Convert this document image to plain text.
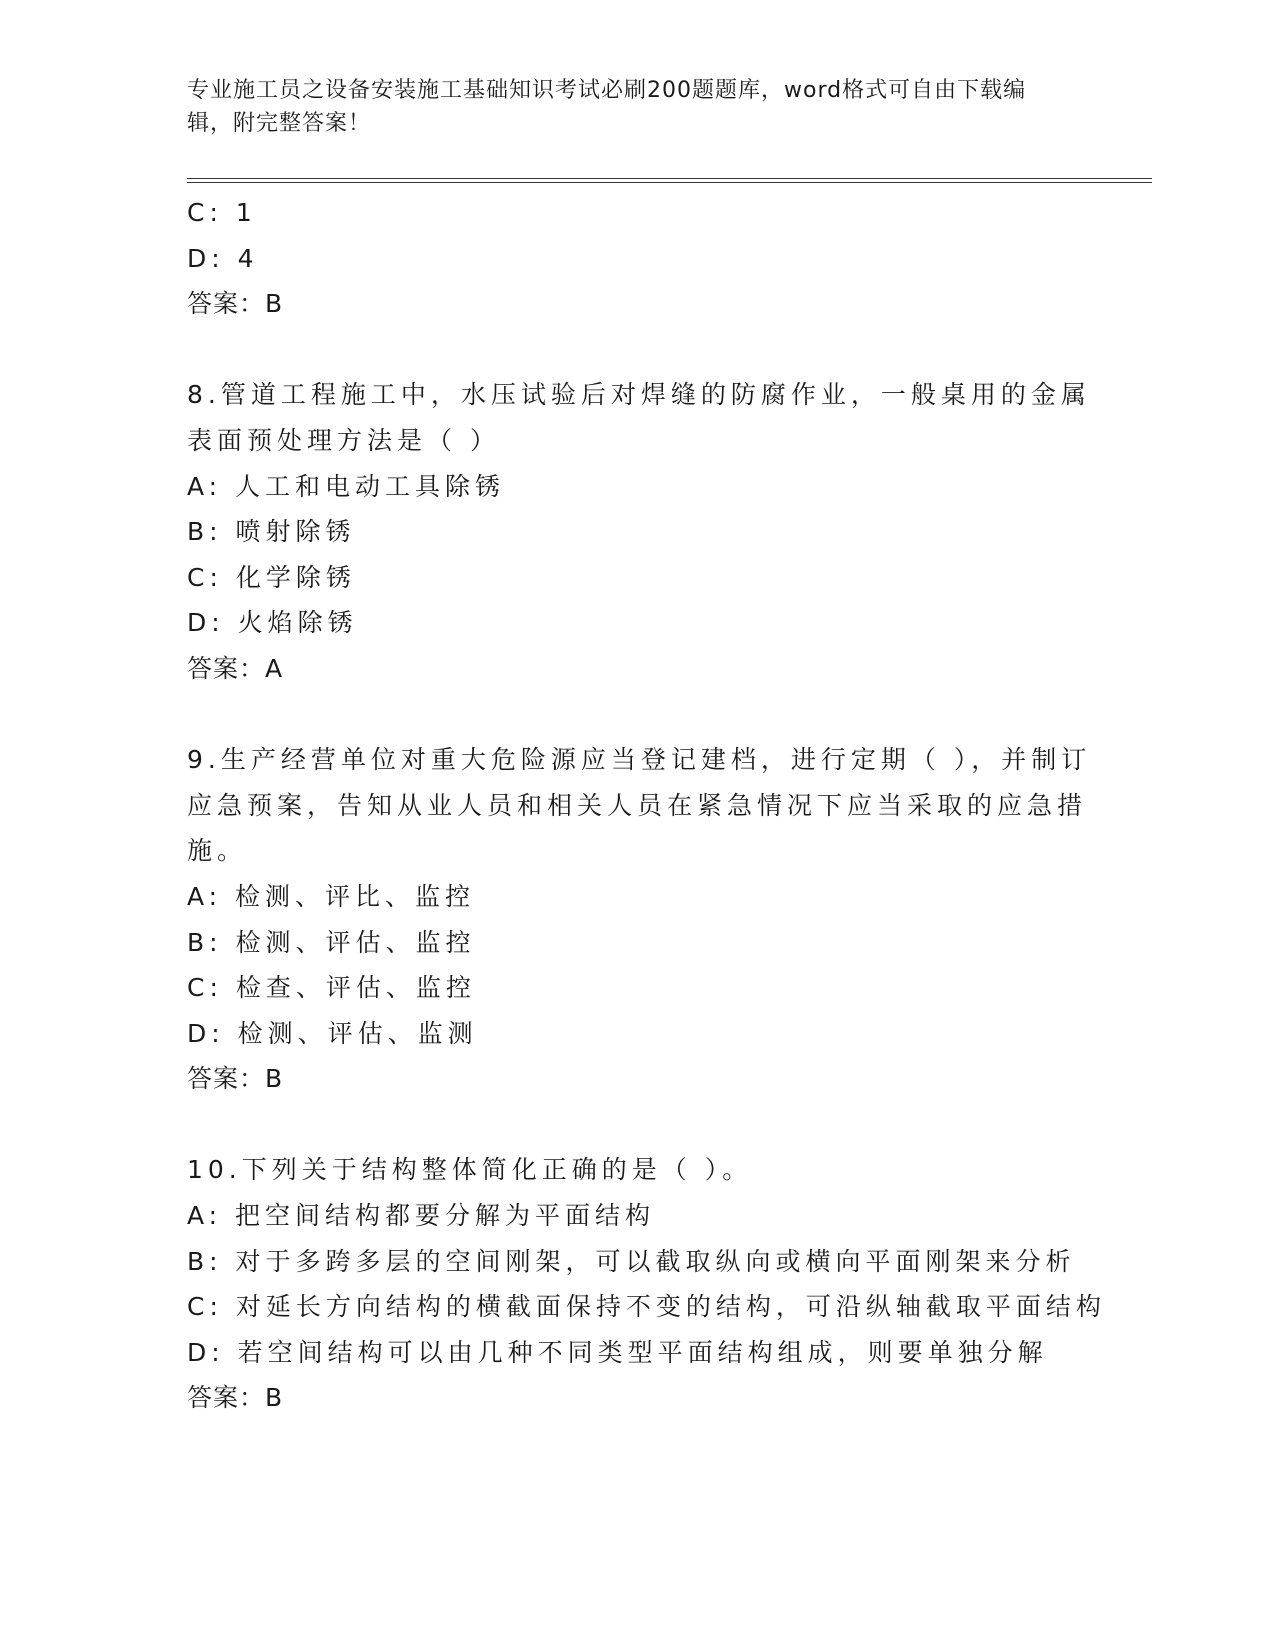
专业施工员之设备安装施工基础知识考试必刷200题题库，word格式可自由下载编辑，附完整答案！
C: 1
D: 4
答案：B
8.管道工程施工中，水压试验后对焊缝的防腐作业，一般桌用的金属
表面预处理方法是（ ）
A: 人工和电动工具除锈
B: 喷射除锈
C: 化学除锈
D: 火焰除锈
答案：A
9.生产经营单位对重大危险源应当登记建档，进行定期（ ），并制订
应急预案，告知从业人员和相关人员在紧急情况下应当采取的应急措
施。
A: 检测、评比、监控
B: 检测、评估、监控
C: 检查、评估、监控
D: 检测、评估、监测
答案：B
10.下列关于结构整体简化正确的是（ ）。
A: 把空间结构都要分解为平面结构
B: 对于多跨多层的空间刚架，可以截取纵向或横向平面刚架来分析
C: 对延长方向结构的横截面保持不变的结构，可沿纵轴截取平面结构
D: 若空间结构可以由几种不同类型平面结构组成，则要单独分解
答案：B
